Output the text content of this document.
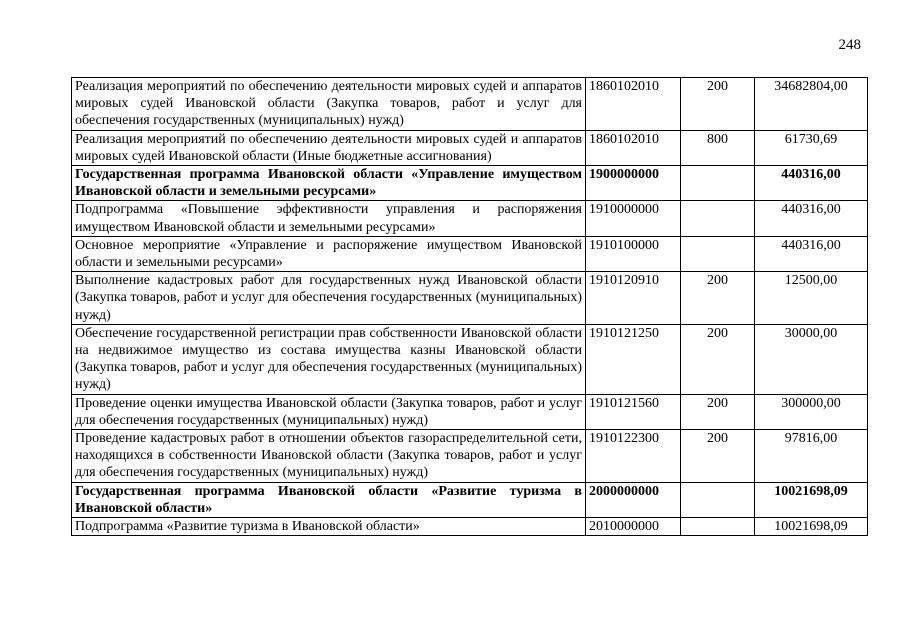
248
Реализация мероприятий по обеспечению деятельности мировых судей и аппаратов мировых судей Ивановской области (Закупка товаров, работ и услуг для обеспечения государственных (муниципальных) нужд)	1860102010	200	34682804,00
Реализация мероприятий по обеспечению деятельности мировых судей и аппаратов мировых судей Ивановской области (Иные бюджетные ассигнования)	1860102010	800	61730,69
Государственная программа Ивановской области «Управление имуществом Ивановской области и земельными ресурсами»	1900000000		440316,00
Подпрограмма «Повышение эффективности управления и распоряжения имуществом Ивановской области и земельными ресурсами»	1910000000		440316,00
Основное мероприятие «Управление и распоряжение имуществом Ивановской области и земельными ресурсами»	1910100000		440316,00
Выполнение кадастровых работ для государственных нужд Ивановской области (Закупка товаров, работ и услуг для обеспечения государственных (муниципальных) нужд)	1910120910	200	12500,00
Обеспечение государственной регистрации прав собственности Ивановской области на недвижимое имущество из состава имущества казны Ивановской области (Закупка товаров, работ и услуг для обеспечения государственных (муниципальных) нужд)	1910121250	200	30000,00
Проведение оценки имущества Ивановской области (Закупка товаров, работ и услуг для обеспечения государственных (муниципальных) нужд)	1910121560	200	300000,00
Проведение кадастровых работ в отношении объектов газораспределительной сети, находящихся в собственности Ивановской области (Закупка товаров, работ и услуг для обеспечения государственных (муниципальных) нужд)	1910122300	200	97816,00
Государственная программа Ивановской области «Развитие туризма в Ивановской области»	2000000000		10021698,09
Подпрограмма «Развитие туризма в Ивановской области»	2010000000		10021698,09
